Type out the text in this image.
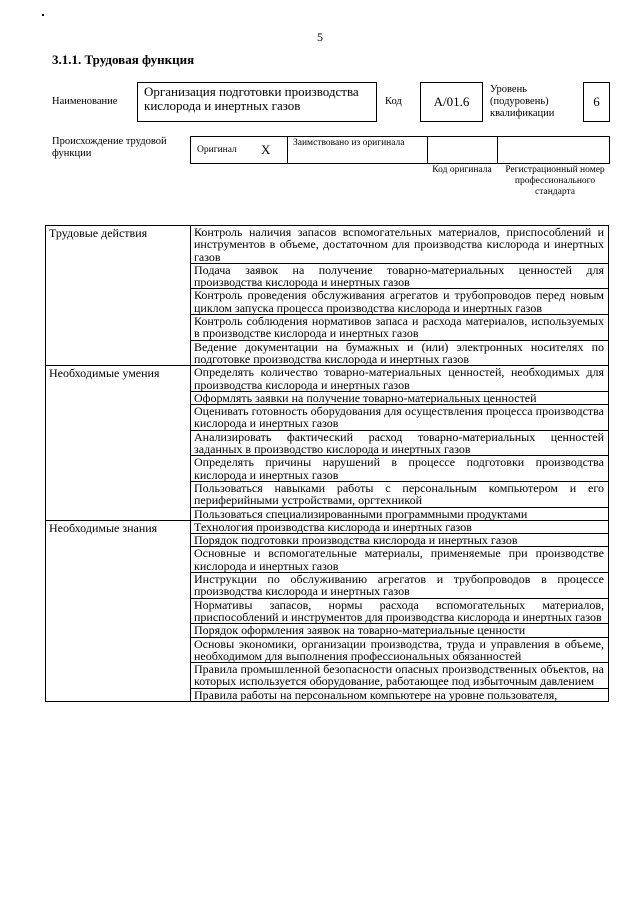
5
3.1.1. Трудовая функция
Наименование
Организация подготовки производства кислорода и инертных газов	Код	A/01.6
Уровень (подуровень) квалификации
6
Происхождение трудовой функции	Оригинал X Заимствовано из оригинала
Код оригинала	Регистрационный номер профессионального стандарта
Трудовые действия	Контроль наличия запасов вспомогательных материалов, приспособлений и инструментов в объеме, достаточном для производства кислорода и инертных газов
	Подача заявок на получение товарно-материальных ценностей для производства кислорода и инертных газов
	Контроль проведения обслуживания агрегатов и трубопроводов перед новым циклом запуска процесса производства кислорода и инертных газов
	Контроль соблюдения нормативов запаса и расхода материалов, используемых в производстве кислорода и инертных газов
	Ведение документации на бумажных и (или) электронных носителях по подготовке производства кислорода и инертных газов
Необходимые умения	Определять количество товарно-материальных ценностей, необходимых для производства кислорода и инертных газов
	Оформлять заявки на получение товарно-материальных ценностей
	Оценивать готовность оборудования для осуществления процесса производства кислорода и инертных газов
	Анализировать фактический расход товарно-материальных ценностей заданных в производство кислорода и инертных газов
	Определять причины нарушений в процессе подготовки производства кислорода и инертных газов
	Пользоваться навыками работы с персональным компьютером и его периферийными устройствами, оргтехникой
	Пользоваться специализированными программными продуктами
Необходимые знания	Технология производства кислорода и инертных газов
	Порядок подготовки производства кислорода и инертных газов
	Основные и вспомогательные материалы, применяемые при производстве кислорода и инертных газов
	Инструкции по обслуживанию агрегатов и трубопроводов в процессе производства кислорода и инертных газов
	Нормативы запасов, нормы расхода вспомогательных материалов, приспособлений и инструментов для производства кислорода и инертных газов
	Порядок оформления заявок на товарно-материальные ценности
	Основы экономики, организации производства, труда и управления в объеме, необходимом для выполнения профессиональных обязанностей
	Правила промышленной безопасности опасных производственных объектов, на которых используется оборудование, работающее под избыточным давлением
	Правила работы на персональном компьютере на уровне пользователя,
